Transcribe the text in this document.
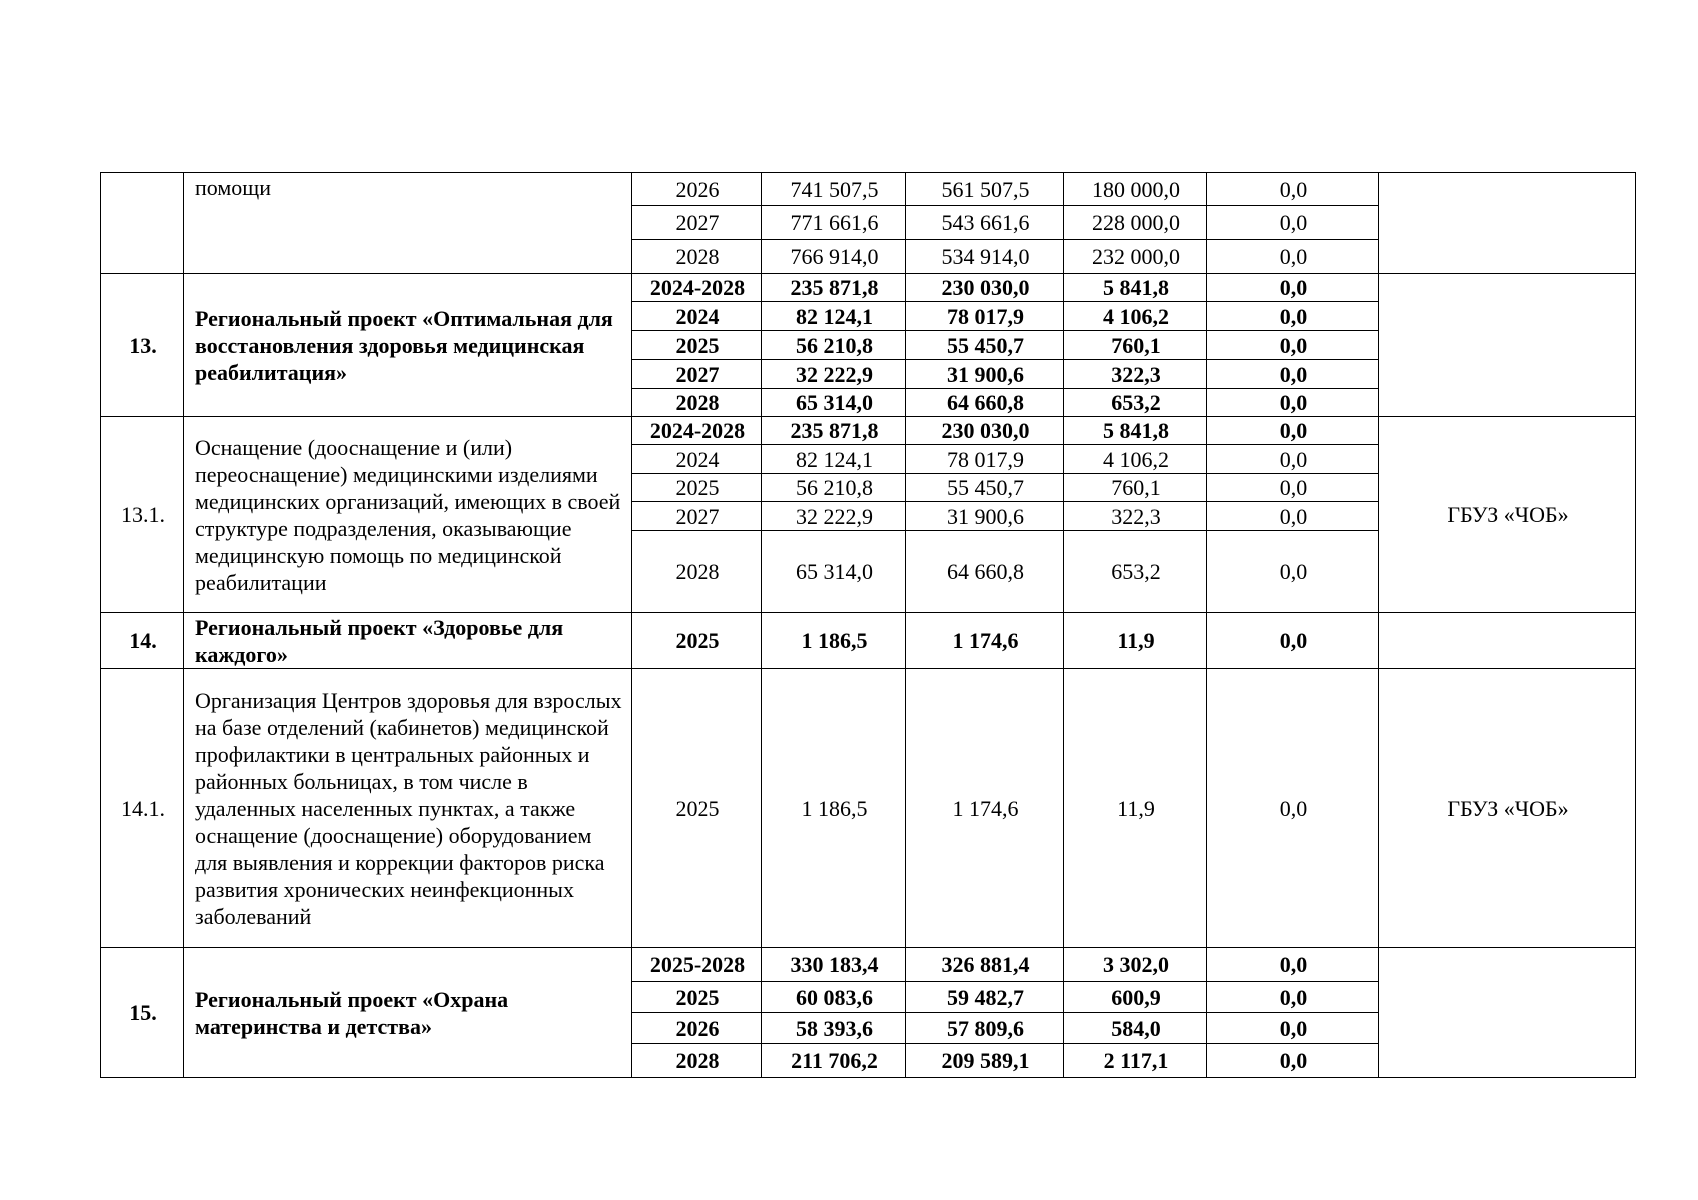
	помощи	2026	741 507,5	561 507,5	180 000,0	0,0	
		2027	771 661,6	543 661,6	228 000,0	0,0	
		2028	766 914,0	534 914,0	232 000,0	0,0	
13.	Региональный проект «Оптимальная для восстановления здоровья медицинская реабилитация»	2024-2028	235 871,8	230 030,0	5 841,8	0,0	
		2024	82 124,1	78 017,9	4 106,2	0,0	
		2025	56 210,8	55 450,7	760,1	0,0	
		2027	32 222,9	31 900,6	322,3	0,0	
		2028	65 314,0	64 660,8	653,2	0,0	
13.1.	Оснащение (дооснащение и (или) переоснащение) медицинскими изделиями медицинских организаций, имеющих в своей структуре подразделения, оказывающие медицинскую помощь по медицинской реабилитации	2024-2028	235 871,8	230 030,0	5 841,8	0,0	ГБУЗ «ЧОБ»
		2024	82 124,1	78 017,9	4 106,2	0,0	
		2025	56 210,8	55 450,7	760,1	0,0	
		2027	32 222,9	31 900,6	322,3	0,0	
		2028	65 314,0	64 660,8	653,2	0,0	
14.	Региональный проект «Здоровье для каждого»	2025	1 186,5	1 174,6	11,9	0,0	
14.1.	Организация Центров здоровья для взрослых на базе отделений (кабинетов) медицинской профилактики в центральных районных и районных больницах, в том числе в удаленных населенных пунктах, а также оснащение (дооснащение) оборудованием для выявления и коррекции факторов риска развития хронических неинфекционных заболеваний	2025	1 186,5	1 174,6	11,9	0,0	ГБУЗ «ЧОБ»
15.	Региональный проект «Охрана материнства и детства»	2025-2028	330 183,4	326 881,4	3 302,0	0,0	
		2025	60 083,6	59 482,7	600,9	0,0	
		2026	58 393,6	57 809,6	584,0	0,0	
		2028	211 706,2	209 589,1	2 117,1	0,0	
